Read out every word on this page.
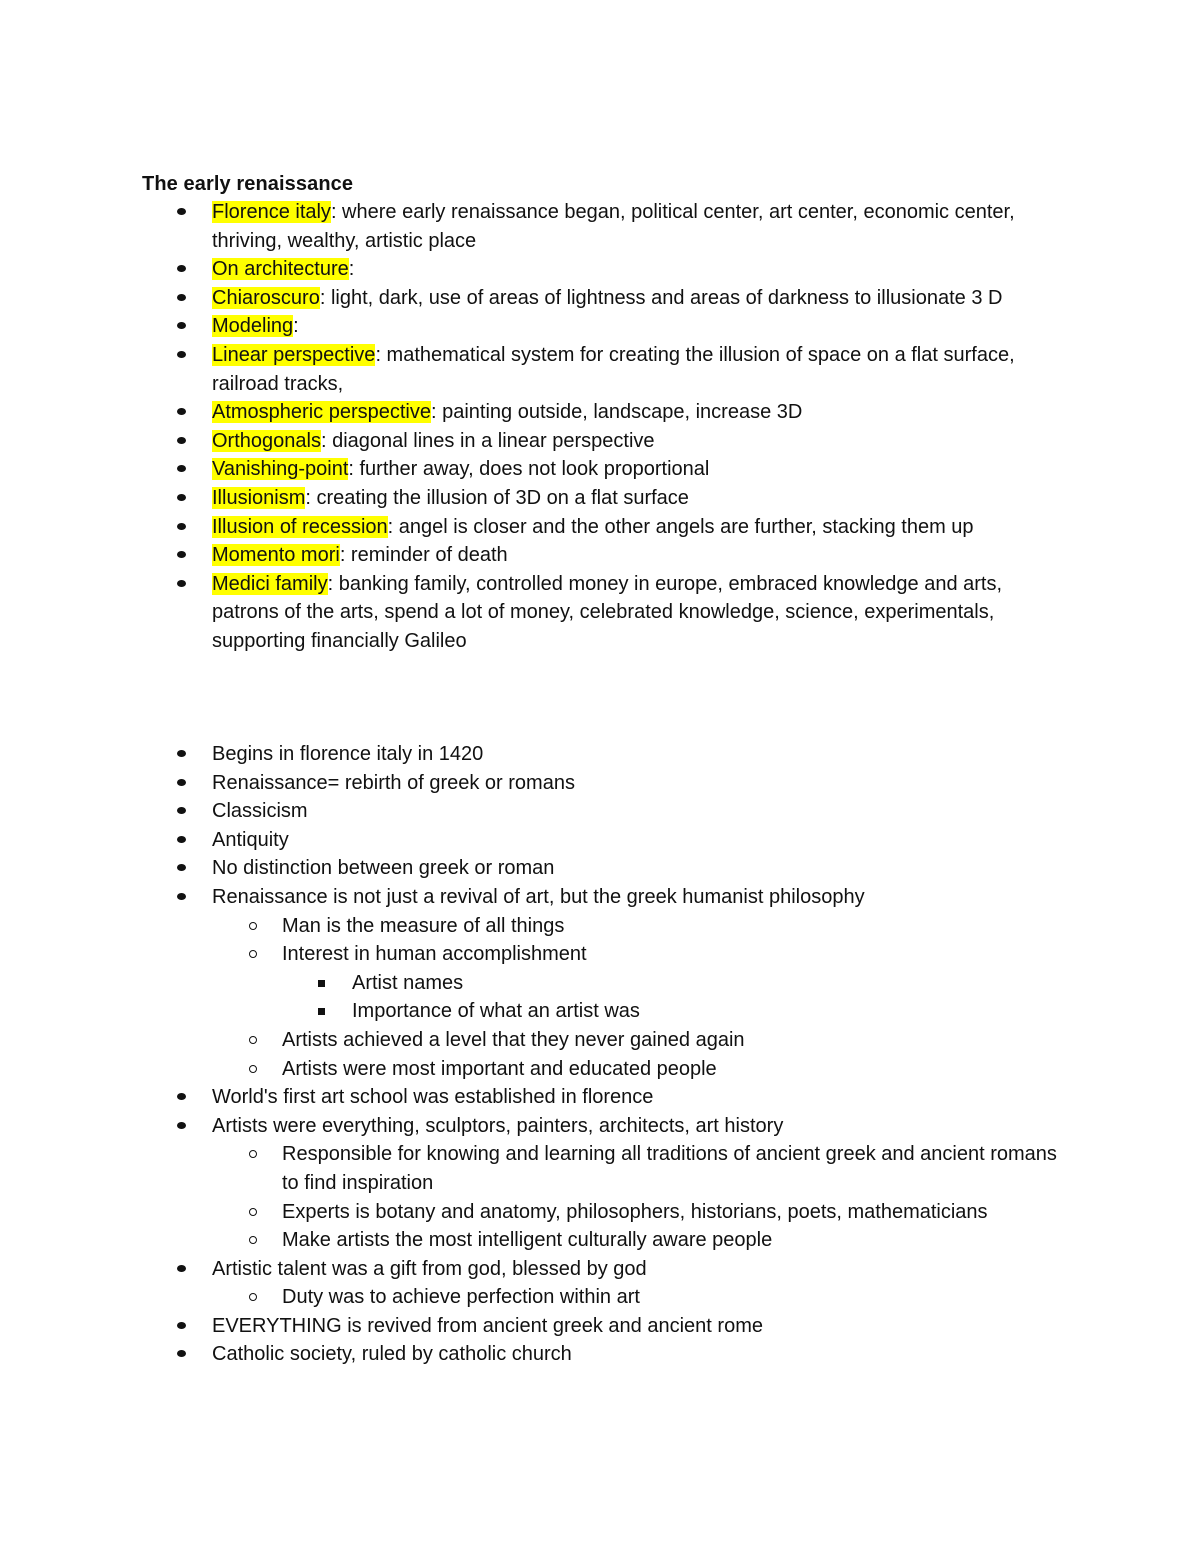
The early renaissance
Florence italy: where early renaissance began, political center, art center, economic center, thriving, wealthy, artistic place
On architecture:
Chiaroscuro: light, dark, use of areas of lightness and areas of darkness to illusionate 3 D
Modeling:
Linear perspective: mathematical system for creating the illusion of space on a flat surface, railroad tracks,
Atmospheric perspective: painting outside, landscape, increase 3D
Orthogonals: diagonal lines in a linear perspective
Vanishing-point: further away, does not look proportional
Illusionism: creating the illusion of 3D on a flat surface
Illusion of recession: angel is closer and the other angels are further, stacking them up
Momento mori: reminder of death
Medici family: banking family, controlled money in europe, embraced knowledge and arts, patrons of the arts, spend a lot of money, celebrated knowledge, science, experimentals, supporting financially Galileo
Begins in florence italy in 1420
Renaissance= rebirth of greek or romans
Classicism
Antiquity
No distinction between greek or roman
Renaissance is not just a revival of art, but the greek humanist philosophy
Man is the measure of all things
Interest in human accomplishment
Artist names
Importance of what an artist was
Artists achieved a level that they never gained again
Artists were most important and educated people
World's first art school was established in florence
Artists were everything, sculptors, painters, architects, art history
Responsible for knowing and learning all traditions of ancient greek and ancient romans to find inspiration
Experts is botany and anatomy, philosophers, historians, poets, mathematicians
Make artists the most intelligent culturally aware people
Artistic talent was a gift from god, blessed by god
Duty was to achieve perfection within art
EVERYTHING is revived from ancient greek and ancient rome
Catholic society, ruled by catholic church
